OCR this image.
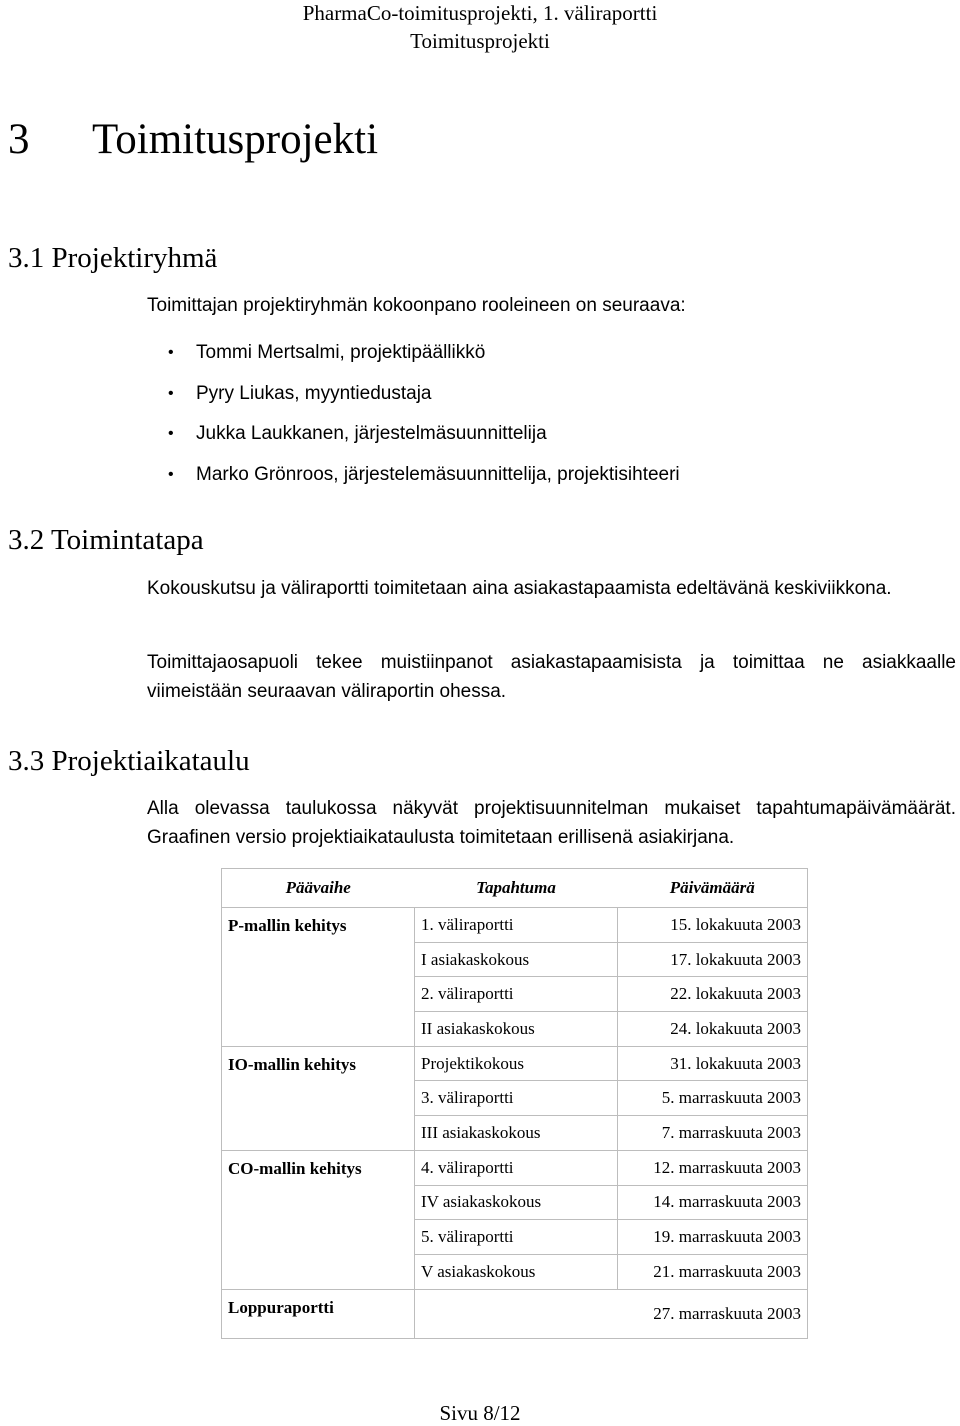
PharmaCo-toimitusprojekti, 1. väliraportti
Toimitusprojekti
3 Toimitusprojekti
3.1 Projektiryhmä
Toimittajan projektiryhmän kokoonpano rooleineen on seuraava:
• Tommi Mertsalmi, projektipäällikkö
• Pyry Liukas, myyntiedustaja
• Jukka Laukkanen, järjestelmäsuunnittelija
• Marko Grönroos, järjestelemäsuunnittelija, projektisihteeri
3.2 Toimintatapa
Kokouskutsu ja väliraportti toimitetaan aina asiakastapaamista edeltävänä keskiviikkona.
Toimittajaosapuoli tekee muistiinpanot asiakastapaamisista ja toimittaa ne asiakkaalle viimeistään seuraavan väliraportin ohessa.
3.3 Projektiaikataulu
Alla olevassa taulukossa näkyvät projektisuunnitelman mukaiset tapahtumapäivämäärät. Graafinen versio projektiaikataulusta toimitetaan erillisenä asiakirjana.
Päävaihe	Tapahtuma	Päivämäärä
P-mallin kehitys	1. väliraportti	15. lokakuuta 2003
	I asiakaskokous	17. lokakuuta 2003
	2. väliraportti	22. lokakuuta 2003
	II asiakaskokous	24. lokakuuta 2003
IO-mallin kehitys	Projektikokous	31. lokakuuta 2003
	3. väliraportti	5. marraskuuta 2003
	III asiakaskokous	7. marraskuuta 2003
CO-mallin kehitys	4. väliraportti	12. marraskuuta 2003
	IV asiakaskokous	14. marraskuuta 2003
	5. väliraportti	19. marraskuuta 2003
	V asiakaskokous	21. marraskuuta 2003
Loppuraportti		27. marraskuuta 2003
Sivu 8/12
